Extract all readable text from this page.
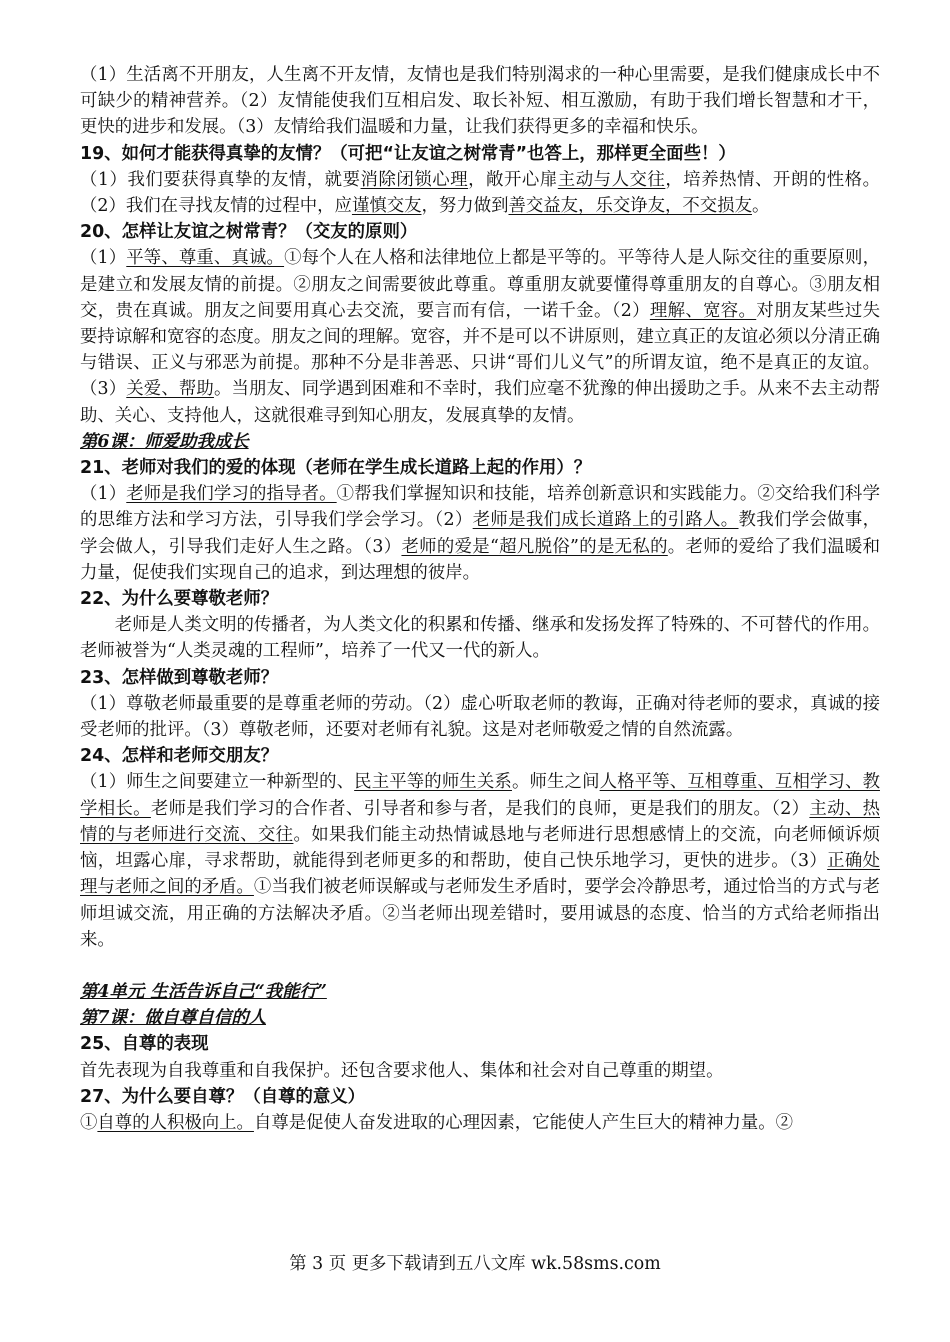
（1）生活离不开朋友，人生离不开友情，友情也是我们特别渴求的一种心里需要，是我们健康成长中不可缺少的精神营养。（2）友情能使我们互相启发、取长补短、相互激励，有助于我们增长智慧和才干，更快的进步和发展。（3）友情给我们温暖和力量，让我们获得更多的幸福和快乐。

19、如何才能获得真挚的友情？（可把“让友谊之树常青”也答上，那样更全面些！）

（1）我们要获得真挚的友情，就要消除闭锁心理，敞开心扉主动与人交往，培养热情、开朗的性格。（2）我们在寻找友情的过程中，应谨慎交友，努力做到善交益友，乐交诤友，不交损友。

20、怎样让友谊之树常青？（交友的原则）

（1）平等、尊重、真诚。①每个人在人格和法律地位上都是平等的。平等待人是人际交往的重要原则，是建立和发展友情的前提。②朋友之间需要彼此尊重。尊重朋友就要懂得尊重朋友的自尊心。③朋友相交，贵在真诚。朋友之间要用真心去交流，要言而有信，一诺千金。（2）理解、宽容。对朋友某些过失要持谅解和宽容的态度。朋友之间的理解。宽容，并不是可以不讲原则，建立真正的友谊必须以分清正确与错误、正义与邪恶为前提。那种不分是非善恶、只讲“哥们儿义气”的所谓友谊，绝不是真正的友谊。（3）关爱、帮助。当朋友、同学遇到困难和不幸时，我们应毫不犹豫的伸出援助之手。从来不去主动帮助、关心、支持他人，这就很难寻到知心朋友，发展真挚的友情。

第6课：师爱助我成长

21、老师对我们的爱的体现（老师在学生成长道路上起的作用）？

（1）老师是我们学习的指导者。①帮我们掌握知识和技能，培养创新意识和实践能力。②交给我们科学的思维方法和学习方法，引导我们学会学习。（2）老师是我们成长道路上的引路人。教我们学会做事，学会做人，引导我们走好人生之路。（3）老师的爱是“超凡脱俗”的是无私的。老师的爱给了我们温暖和力量，促使我们实现自己的追求，到达理想的彼岸。

22、为什么要尊敬老师？

老师是人类文明的传播者，为人类文化的积累和传播、继承和发扬发挥了特殊的、不可替代的作用。老师被誉为“人类灵魂的工程师”，培养了一代又一代的新人。

23、怎样做到尊敬老师？

（1）尊敬老师最重要的是尊重老师的劳动。（2）虚心听取老师的教诲，正确对待老师的要求，真诚的接受老师的批评。（3）尊敬老师，还要对老师有礼貌。这是对老师敬爱之情的自然流露。

24、怎样和老师交朋友？

（1）师生之间要建立一种新型的、民主平等的师生关系。师生之间人格平等、互相尊重、互相学习、教学相长。老师是我们学习的合作者、引导者和参与者，是我们的良师，更是我们的朋友。（2）主动、热情的与老师进行交流、交往。如果我们能主动热情诚恳地与老师进行思想感情上的交流，向老师倾诉烦恼，坦露心扉，寻求帮助，就能得到老师更多的和帮助，使自己快乐地学习，更快的进步。（3）正确处理与老师之间的矛盾。①当我们被老师误解或与老师发生矛盾时，要学会冷静思考，通过恰当的方式与老师坦诚交流，用正确的方法解决矛盾。②当老师出现差错时，要用诚恳的态度、恰当的方式给老师指出来。

第4单元 生活告诉自己“我能行”

第7课：做自尊自信的人

25、自尊的表现

首先表现为自我尊重和自我保护。还包含要求他人、集体和社会对自己尊重的期望。

27、为什么要自尊？（自尊的意义）

①自尊的人积极向上。自尊是促使人奋发进取的心理因素，它能使人产生巨大的精神力量。②

第 3 页 更多下载请到五八文库 wk.58sms.com
